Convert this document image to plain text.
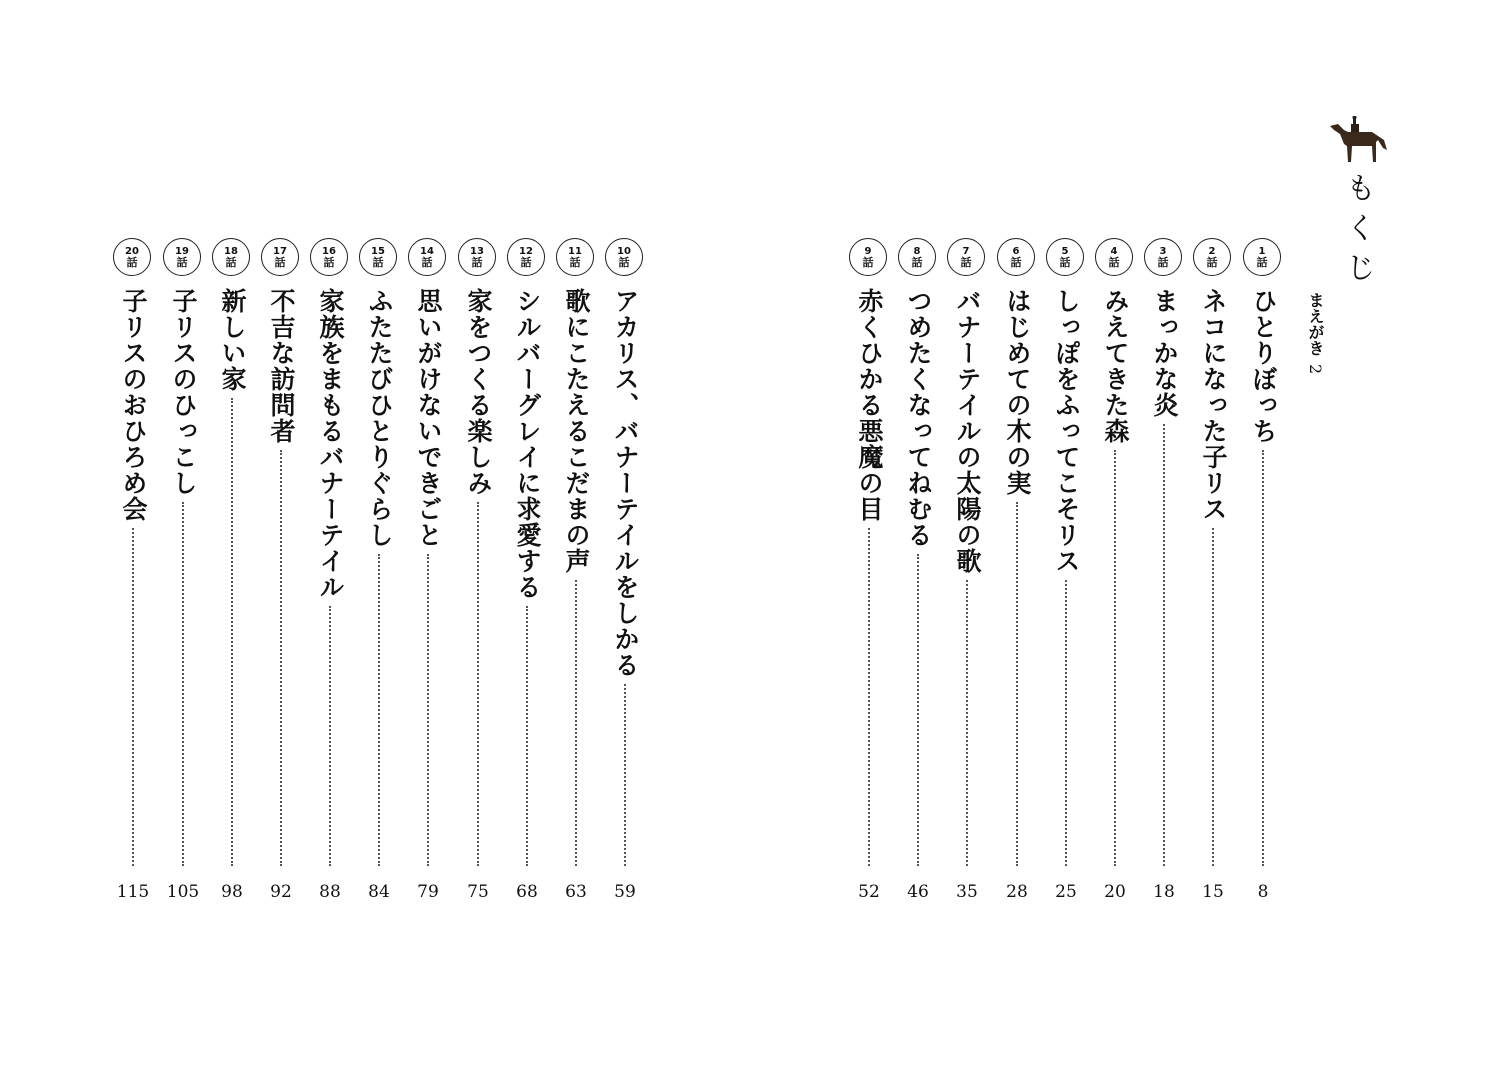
もくじ
まえがき2
1
話
ひとりぼっち
8
2
話
ネコになった子リス
15
3
話
まっかな炎
18
4
話
みえてきた森
20
5
話
しっぽをふってこそリス
25
6
話
はじめての木の実
28
7
話
バナーテイルの太陽の歌
35
8
話
つめたくなってねむる
46
9
話
赤くひかる悪魔の目
52
10
話
アカリス、バナーテイルをしかる
59
11
話
歌にこたえるこだまの声
63
12
話
シルバーグレイに求愛する
68
13
話
家をつくる楽しみ
75
14
話
思いがけないできごと
79
15
話
ふたたびひとりぐらし
84
16
話
家族をまもるバナーテイル
88
17
話
不吉な訪問者
92
18
話
新しい家
98
19
話
子リスのひっこし
105
20
話
子リスのおひろめ会
115
